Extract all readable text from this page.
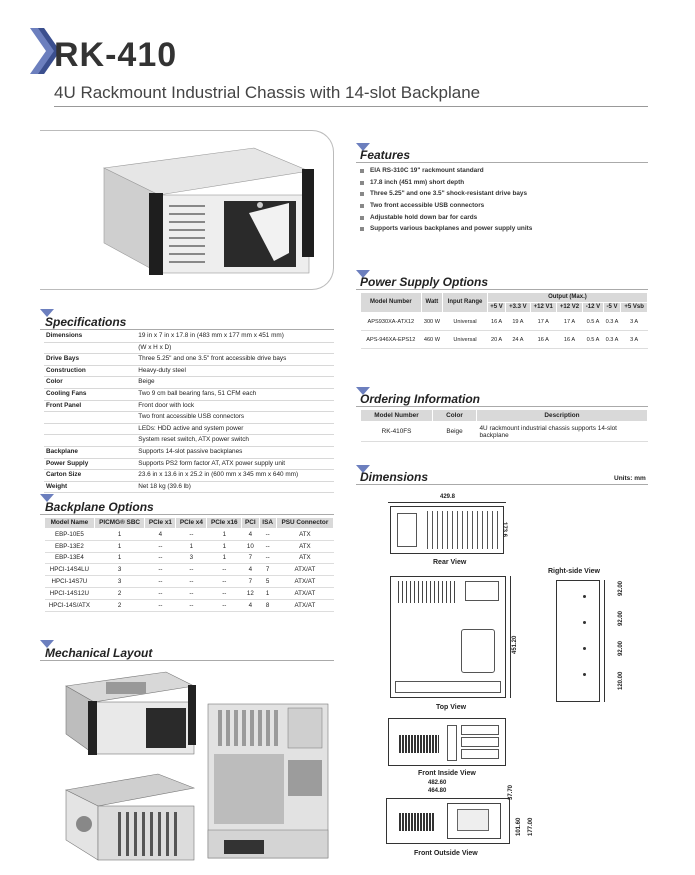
RK-410
4U Rackmount Industrial Chassis with 14-slot Backplane
Features
EIA RS-310C 19" rackmount standard
17.8 inch (451 mm) short depth
Three 5.25" and one 3.5" shock-resistant drive bays
Two front accessible USB connectors
Adjustable hold down bar for cards
Supports various backplanes and power supply units
Power Supply Options
Model Number	Watt	Input Range	Output (Max.)						
			+5 V	+3.3 V	+12 V1	+12 V2	-12 V	-5 V	+5 Vsb
APS930XA-ATX12	300 W	Universal	16 A	19 A	17 A	17 A	0.5 A	0.3 A	3 A
APS-946XA-EPS12	460 W	Universal	20 A	24 A	16 A	16 A	0.5 A	0.3 A	3 A
Ordering Information
Model Number	Color	Description
RK-410FS	Beige	4U rackmount industrial chassis supports 14-slot backplane
Specifications
Dimensions	19 in x 7 in x 17.8 in (483 mm x 177 mm x 451 mm)
	(W x H x D)
Drive Bays	Three 5.25" and one 3.5" front accessible drive bays
Construction	Heavy-duty steel
Color	Beige
Cooling Fans	Two 9 cm ball bearing fans, 51 CFM each
Front Panel	Front door with lock
	Two front accessible USB connectors
	LEDs: HDD active and system power
	System reset switch, ATX power switch
Backplane	Supports 14-slot passive backplanes
Power Supply	Supports PS2 form factor AT, ATX power supply unit
Carton Size	23.6 in x 13.6 in x 25.2 in (600 mm x 345 mm x 640 mm)
Weight	Net 18 kg (39.6 lb)
Backplane Options
Model Name	PICMG® SBC	PCIe x1	PCIe x4	PCIe x16	PCI	ISA	PSU Connector
EBP-10E5	1	4	--	1	4	--	ATX
EBP-13E2	1	--	1	1	10	--	ATX
EBP-13E4	1	--	3	1	7	--	ATX
HPCI-14S4LU	3	--	--	--	4	7	ATX/AT
HPCI-14S7U	3	--	--	--	7	5	ATX/AT
HPCI-14S12U	2	--	--	--	12	1	ATX/AT
HPCI-14S/ATX	2	--	--	--	4	8	ATX/AT
Mechanical Layout
Dimensions	Units: mm
429.8
173.6
Rear View
Right-side View
92.00
92.00
92.00
120.00
451.20
Top View
Front Inside View
482.60
464.80	37.70
101.60 177.00
Front Outside View
